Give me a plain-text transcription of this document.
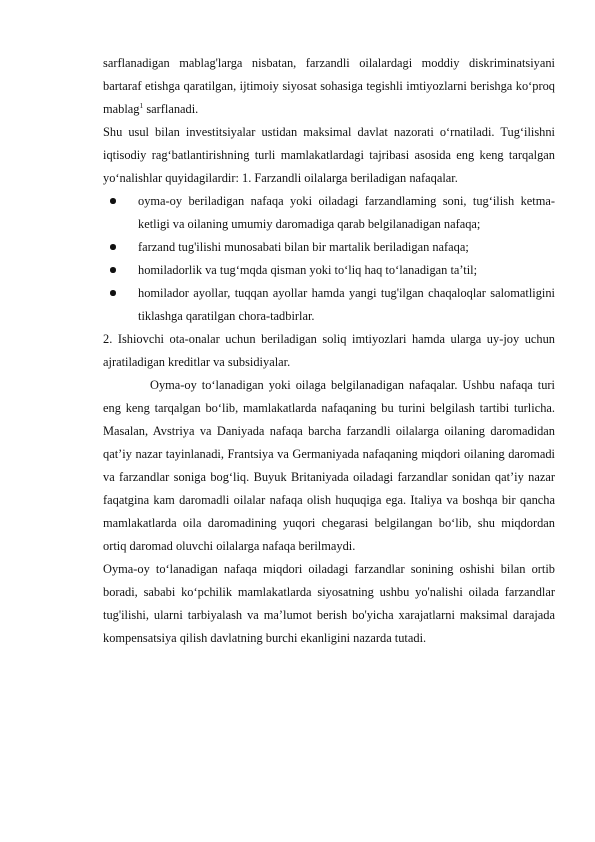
sarflanadigan mablag'larga nisbatan, farzandli oilalardagi moddiy diskriminatsiyani bartaraf etishga qaratilgan, ijtimoiy siyosat sohasiga tegishli imtiyozlarni berishga ko‘proq mablag$^1$ sarflanadi.

Shu usul bilan investitsiyalar ustidan maksimal davlat nazorati o‘rnatiladi. Tug‘ilishni iqtisodiy rag‘batlantirishning turli mamlakatlardagi tajribasi asosida eng keng tarqalgan yo‘nalishlar quyidagilardir: 1. Farzandli oilalarga beriladigan nafaqalar.

oyma-oy beriladigan nafaqa yoki oiladagi farzandlaming soni, tug‘ilish ketma-ketligi va oilaning umumiy daromadiga qarab belgilanadigan nafaqa;
farzand tug'ilishi munosabati bilan bir martalik beriladigan nafaqa;
homiladorlik va tug‘mqda qisman yoki to‘liq haq to‘lanadigan ta’til;
homilador ayollar, tuqqan ayollar hamda yangi tug'ilgan chaqaloqlar salomatligini tiklashga qaratilgan chora-tadbirlar.

2. Ishiovchi ota-onalar uchun beriladigan soliq imtiyozlari hamda ularga uy-joy uchun ajratiladigan kreditlar va subsidiyalar.

Oyma-oy to‘lanadigan yoki oilaga belgilanadigan nafaqalar. Ushbu nafaqa turi eng keng tarqalgan bo‘lib, mamlakatlarda nafaqaning bu turini belgilash tartibi turlicha. Masalan, Avstriya va Daniyada nafaqa barcha farzandli oilalarga oilaning daromadidan qat’iy nazar tayinlanadi, Frantsiya va Germaniyada nafaqaning miqdori oilaning daromadi va farzandlar soniga bog‘liq. Buyuk Britaniyada oiladagi farzandlar sonidan qat’iy nazar faqatgina kam daromadli oilalar nafaqa olish huquqiga ega. Italiya va boshqa bir qancha mamlakatlarda oila daromadining yuqori chegarasi belgilangan bo‘lib, shu miqdordan ortiq daromad oluvchi oilalarga nafaqa berilmaydi.

Oyma-oy to‘lanadigan nafaqa miqdori oiladagi farzandlar sonining oshishi bilan ortib boradi, sababi ko‘pchilik mamlakatlarda siyosatning ushbu yo'nalishi oilada farzandlar tug'ilishi, ularni tarbiyalash va ma’lumot berish bo'yicha xarajatlarni maksimal darajada kompensatsiya qilish davlatning burchi ekanligini nazarda tutadi.
